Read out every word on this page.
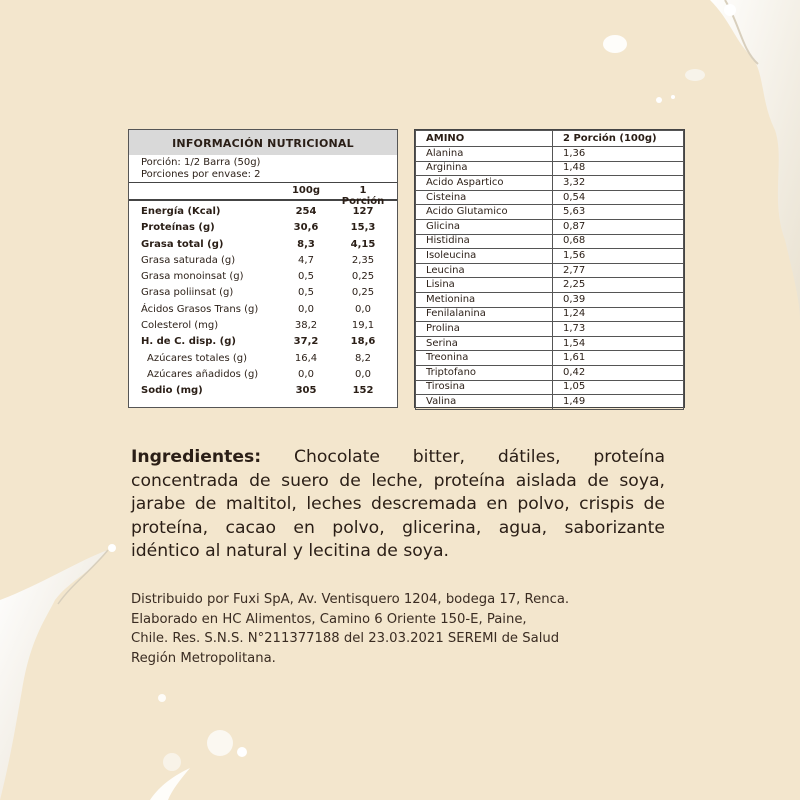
INFORMACIÓN NUTRICIONAL
Porción: 1/2 Barra (50g)
Porciones por envase: 2
100g	1 Porción
Energía (Kcal)	254	127
Proteínas (g)	30,6	15,3
Grasa total (g)	8,3	4,15
Grasa saturada (g)	4,7	2,35
Grasa monoinsat (g)	0,5	0,25
Grasa poliinsat (g)	0,5	0,25
Ácidos Grasos Trans (g)	0,0	0,0
Colesterol (mg)	38,2	19,1
H. de C. disp. (g)	37,2	18,6
Azúcares totales (g)	16,4	8,2
Azúcares añadidos (g)	0,0	0,0
Sodio (mg)	305	152
AMINO	2 Porción (100g)
Alanina	1,36
Arginina	1,48
Acido Aspartico	3,32
Cisteina	0,54
Acido Glutamico	5,63
Glicina	0,87
Histidina	0,68
Isoleucina	1,56
Leucina	2,77
Lisina	2,25
Metionina	0,39
Fenilalanina	1,24
Prolina	1,73
Serina	1,54
Treonina	1,61
Triptofano	0,42
Tirosina	1,05
Valina	1,49
Ingredientes: Chocolate bitter, dátiles, proteína concentrada de suero de leche, proteína aislada de soya, jarabe de maltitol, leches descremada en polvo, crispis de proteína, cacao en polvo, glicerina, agua, saborizante idéntico al natural y lecitina de soya.
Distribuido por Fuxi SpA, Av. Ventisquero 1204, bodega 17, Renca.
Elaborado en HC Alimentos, Camino 6 Oriente 150-E, Paine,
Chile. Res. S.N.S. N°211377188 del 23.03.2021 SEREMI de Salud
Región Metropolitana.
